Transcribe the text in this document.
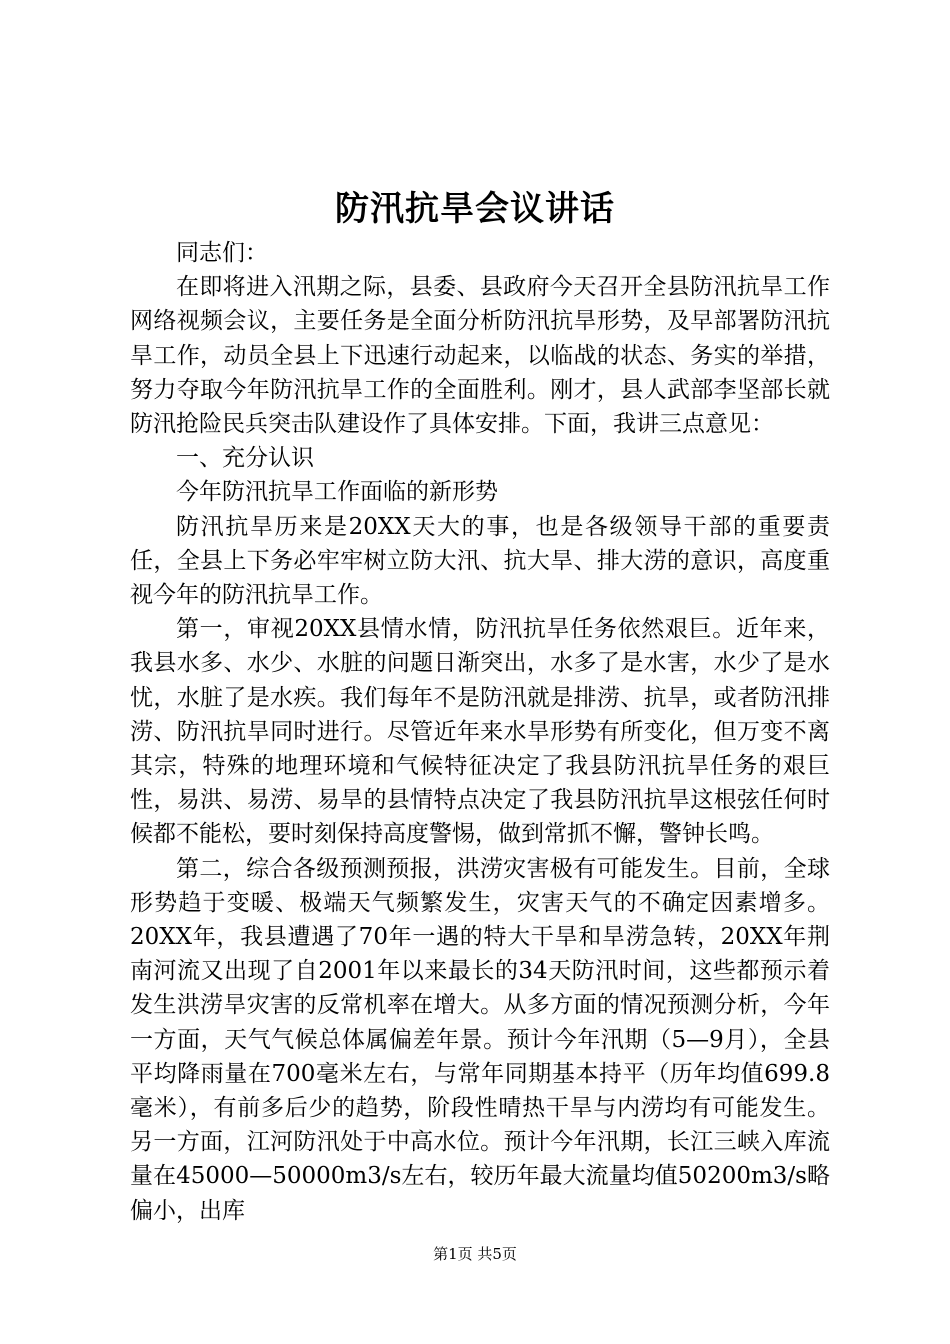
防汛抗旱会议讲话

同志们：

在即将进入汛期之际，县委、县政府今天召开全县防汛抗旱工作网络视频会议，主要任务是全面分析防汛抗旱形势，及早部署防汛抗旱工作，动员全县上下迅速行动起来，以临战的状态、务实的举措，努力夺取今年防汛抗旱工作的全面胜利。刚才，县人武部李坚部长就防汛抢险民兵突击队建设作了具体安排。下面，我讲三点意见：

一、充分认识

今年防汛抗旱工作面临的新形势

防汛抗旱历来是20XX天大的事，也是各级领导干部的重要责任，全县上下务必牢牢树立防大汛、抗大旱、排大涝的意识，高度重视今年的防汛抗旱工作。

第一，审视20XX县情水情，防汛抗旱任务依然艰巨。近年来，我县水多、水少、水脏的问题日渐突出，水多了是水害，水少了是水忧，水脏了是水疾。我们每年不是防汛就是排涝、抗旱，或者防汛排涝、防汛抗旱同时进行。尽管近年来水旱形势有所变化，但万变不离其宗，特殊的地理环境和气候特征决定了我县防汛抗旱任务的艰巨性，易洪、易涝、易旱的县情特点决定了我县防汛抗旱这根弦任何时候都不能松，要时刻保持高度警惕，做到常抓不懈，警钟长鸣。

第二，综合各级预测预报，洪涝灾害极有可能发生。目前，全球形势趋于变暖、极端天气频繁发生，灾害天气的不确定因素增多。20XX年，我县遭遇了70年一遇的特大干旱和旱涝急转，20XX年荆南河流又出现了自2001年以来最长的34天防汛时间，这些都预示着发生洪涝旱灾害的反常机率在增大。从多方面的情况预测分析，今年一方面，天气气候总体属偏差年景。预计今年汛期（5—9月），全县平均降雨量在700毫米左右，与常年同期基本持平（历年均值699.8毫米），有前多后少的趋势，阶段性晴热干旱与内涝均有可能发生。另一方面，江河防汛处于中高水位。预计今年汛期，长江三峡入库流量在45000—50000m3/s左右，较历年最大流量均值50200m3/s略偏小，出库

第1页 共5页
